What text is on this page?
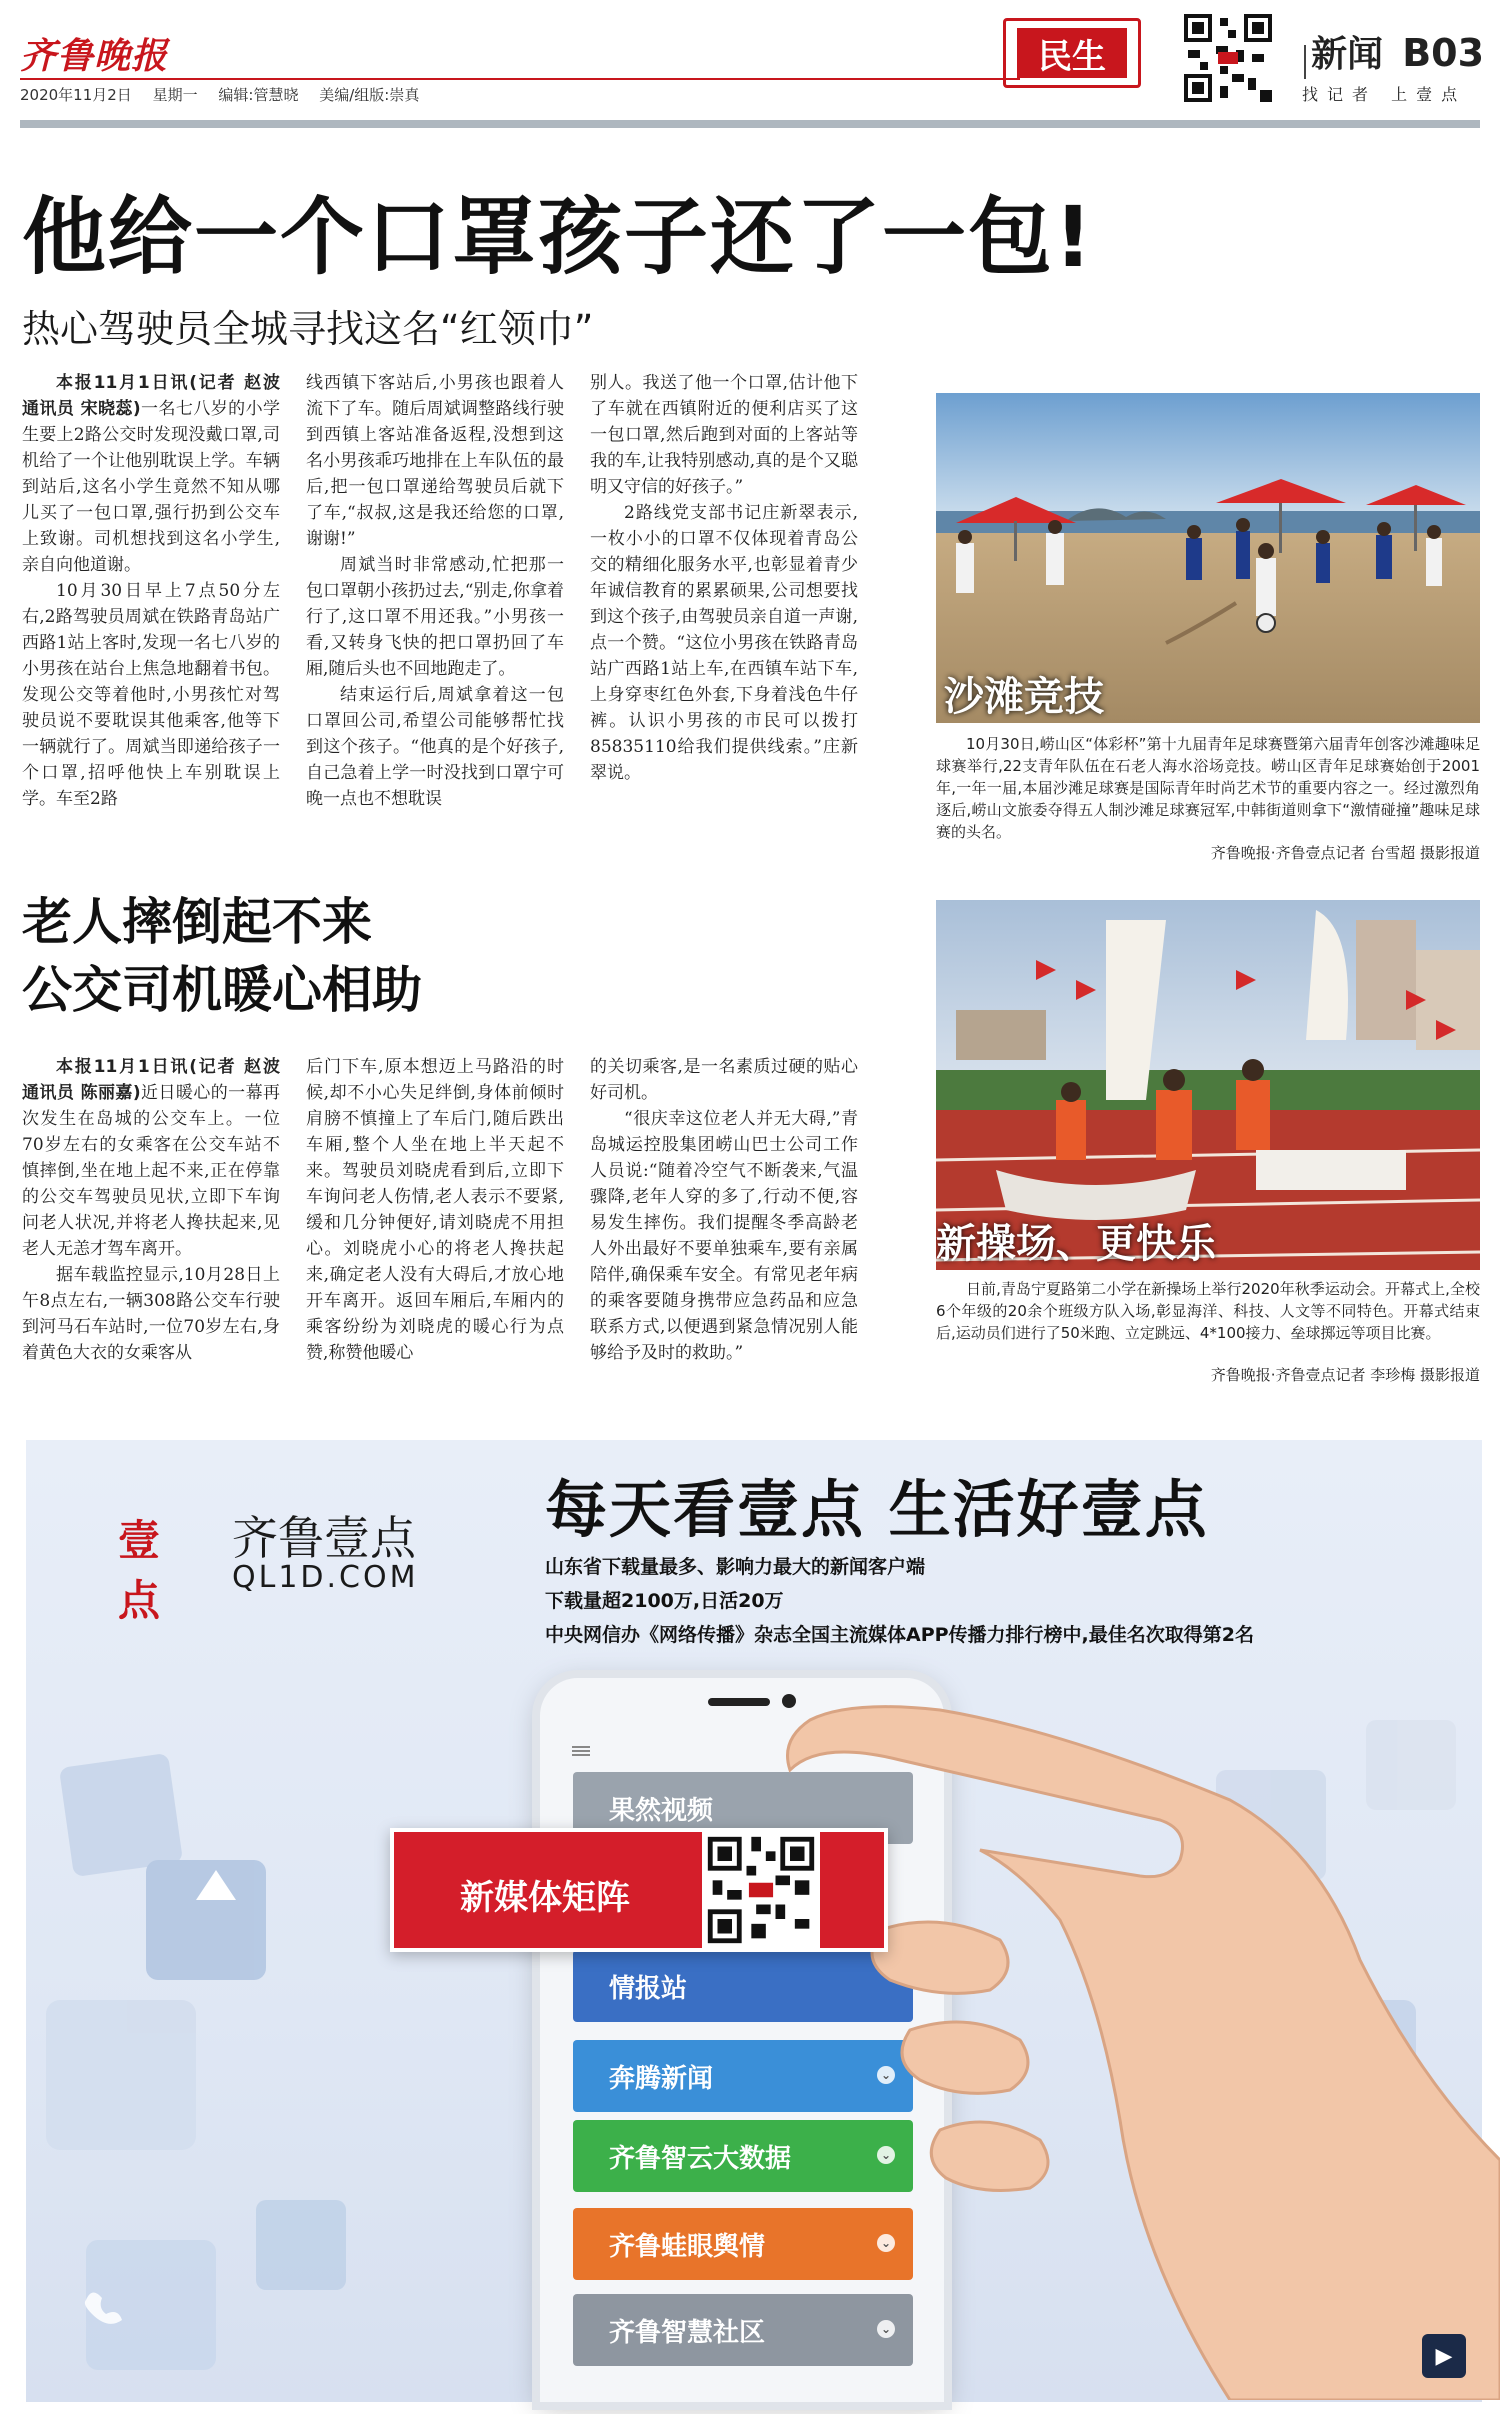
齐鲁晚报
2020年11月2日 星期一 编辑:管慧晓 美编/组版:崇真
民生	新闻 B03
找记者 上壹点
他给一个口罩孩子还了一包!
热心驾驶员全城寻找这名“红领巾”

本报11月1日讯(记者 赵波 通讯员 宋晓蕊)一名七八岁的小学生要上2路公交时发现没戴口罩,司机给了一个让他别耽误上学。车辆到站后,这名小学生竟然不知从哪儿买了一包口罩,强行扔到公交车上致谢。司机想找到这名小学生,亲自向他道谢。

10月30日早上7点50分左右,2路驾驶员周斌在铁路青岛站广西路1站上客时,发现一名七八岁的小男孩在站台上焦急地翻着书包。发现公交等着他时,小男孩忙对驾驶员说不要耽误其他乘客,他等下一辆就行了。周斌当即递给孩子一个口罩,招呼他快上车别耽误上学。车至2路

线西镇下客站后,小男孩也跟着人流下了车。随后周斌调整路线行驶到西镇上客站准备返程,没想到这名小男孩乖巧地排在上车队伍的最后,把一包口罩递给驾驶员后就下了车,“叔叔,这是我还给您的口罩,谢谢!”

周斌当时非常感动,忙把那一包口罩朝小孩扔过去,“别走,你拿着行了,这口罩不用还我。”小男孩一看,又转身飞快的把口罩扔回了车厢,随后头也不回地跑走了。

结束运行后,周斌拿着这一包口罩回公司,希望公司能够帮忙找到这个孩子。“他真的是个好孩子,自己急着上学一时没找到口罩宁可晚一点也不想耽误

别人。我送了他一个口罩,估计他下了车就在西镇附近的便利店买了这一包口罩,然后跑到对面的上客站等我的车,让我特别感动,真的是个又聪明又守信的好孩子。”

2路线党支部书记庄新翠表示,一枚小小的口罩不仅体现着青岛公交的精细化服务水平,也彰显着青少年诚信教育的累累硕果,公司想要找到这个孩子,由驾驶员亲自道一声谢,点一个赞。“这位小男孩在铁路青岛站广西路1站上车,在西镇车站下车,上身穿枣红色外套,下身着浅色牛仔裤。认识小男孩的市民可以拨打85835110给我们提供线索。”庄新翠说。

沙滩竞技

10月30日,崂山区“体彩杯”第十九届青年足球赛暨第六届青年创客沙滩趣味足球赛举行,22支青年队伍在石老人海水浴场竞技。崂山区青年足球赛始创于2001年,一年一届,本届沙滩足球赛是国际青年时尚艺术节的重要内容之一。经过激烈角逐后,崂山文旅委夺得五人制沙滩足球赛冠军,中韩街道则拿下“激情碰撞”趣味足球赛的头名。

齐鲁晚报·齐鲁壹点记者 台雪超 摄影报道
老人摔倒起不来
公交司机暖心相助

本报11月1日讯(记者 赵波 通讯员 陈丽嘉)近日暖心的一幕再次发生在岛城的公交车上。一位70岁左右的女乘客在公交车站不慎摔倒,坐在地上起不来,正在停靠的公交车驾驶员见状,立即下车询问老人状况,并将老人搀扶起来,见老人无恙才驾车离开。

据车载监控显示,10月28日上午8点左右,一辆308路公交车行驶到河马石车站时,一位70岁左右,身着黄色大衣的女乘客从

后门下车,原本想迈上马路沿的时候,却不小心失足绊倒,身体前倾时肩膀不慎撞上了车后门,随后跌出车厢,整个人坐在地上半天起不来。驾驶员刘晓虎看到后,立即下车询问老人伤情,老人表示不要紧,缓和几分钟便好,请刘晓虎不用担心。刘晓虎小心的将老人搀扶起来,确定老人没有大碍后,才放心地开车离开。返回车厢后,车厢内的乘客纷纷为刘晓虎的暖心行为点赞,称赞他暖心

的关切乘客,是一名素质过硬的贴心好司机。

“很庆幸这位老人并无大碍,”青岛城运控股集团崂山巴士公司工作人员说:“随着冷空气不断袭来,气温骤降,老年人穿的多了,行动不便,容易发生摔伤。我们提醒冬季高龄老人外出最好不要单独乘车,要有亲属陪伴,确保乘车安全。有常见老年病的乘客要随身携带应急药品和应急联系方式,以便遇到紧急情况别人能够给予及时的救助。”

新操场、更快乐

日前,青岛宁夏路第二小学在新操场上举行2020年秋季运动会。开幕式上,全校6个年级的20余个班级方队入场,彰显海洋、科技、人文等不同特色。开幕式结束后,运动员们进行了50米跑、立定跳远、4*100接力、垒球掷远等项目比赛。

齐鲁晚报·齐鲁壹点记者 李珍梅 摄影报道
壹点
齐鲁壹点
QL1D.COM
每天看壹点 生活好壹点
山东省下载量最多、影响力最大的新闻客户端
下载量超2100万,日活20万
中央网信办《网络传播》杂志全国主流媒体APP传播力排行榜中,最佳名次取得第2名
果然视频
情报站
奔腾新闻	⌄
齐鲁智云大数据	⌄
齐鲁蛙眼舆情	⌄
齐鲁智慧社区	⌄
新媒体矩阵
▶
